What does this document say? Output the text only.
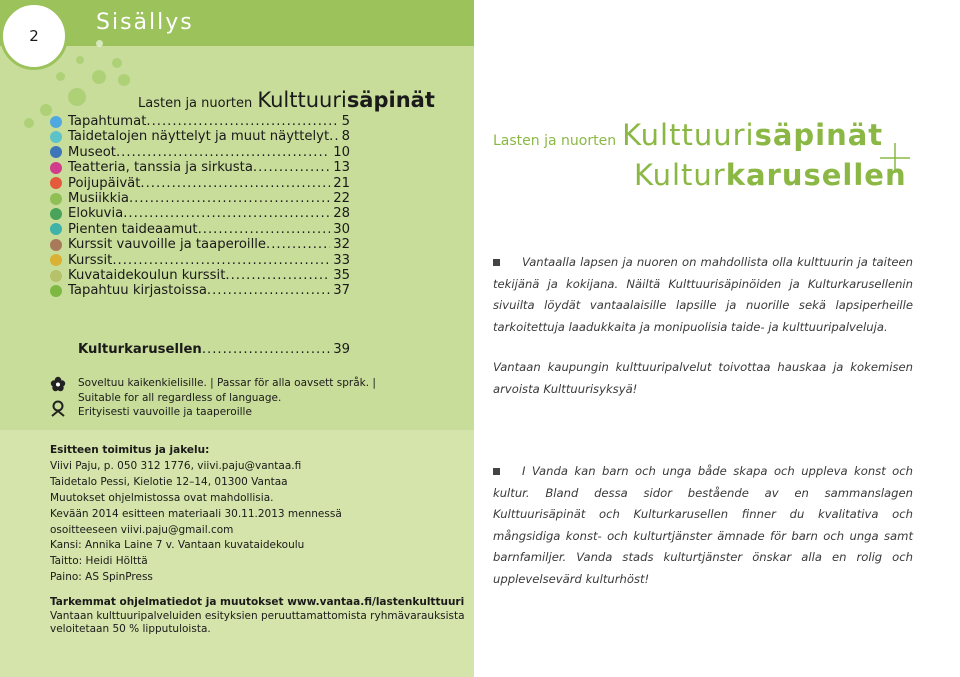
Sisällys
2
Lasten ja nuorten Kulttuurisäpinät
Tapahtumat .....	5
Taidetalojen näyttelyt ja muut näyttelyt ..... 8
Museot .....	10
Teatteria, tanssia ja sirkusta .....	13
Poijupäivät .....	21
Musiikkia .....	22
Elokuvia .....	28
Pienten taideaamut .....	30
Kurssit vauvoille ja taaperoille .....	32
Kurssit .....	33
Kuvataidekoulun kurssit .....	35
Tapahtuu kirjastoissa .....	37
Kulturkarusellen .....	39
Soveltuu kaikenkielisille. | Passar för alla oavsett språk. |
Suitable for all regardless of language.
Erityisesti vauvoille ja taaperoille
Esitteen toimitus ja jakelu:
Viivi Paju, p. 050 312 1776, viivi.paju@vantaa.fi
Taidetalo Pessi, Kielotie 12–14, 01300 Vantaa
Muutokset ohjelmistossa ovat mahdollisia.
Kevään 2014 esitteen materiaali 30.11.2013 mennessä
osoitteeseen viivi.paju@gmail.com
Kansi: Annika Laine 7 v. Vantaan kuvataidekoulu
Taitto: Heidi Hölttä
Paino: AS SpinPress
Tarkemmat ohjelmatiedot ja muutokset www.vantaa.fi/lastenkulttuuri
Vantaan kulttuuripalveluiden esityksien peruuttamattomista ryhmävarauksista veloitetaan 50 % lipputuloista.
Lasten ja nuorten Kulttuurisäpinät
Kulturkarusellen
Vantaalla lapsen ja nuoren on mahdollista olla kulttuurin ja taiteen tekijänä ja kokijana. Näiltä Kulttuurisäpinöiden ja Kulturkarusellenin sivuilta löydät vantaalaisille lapsille ja nuorille sekä lapsiperheille tarkoitettuja laadukkaita ja monipuolisia taide- ja kulttuuripalveluja.
Vantaan kaupungin kulttuuripalvelut toivottaa hauskaa ja kokemisen arvoista Kulttuurisyksyä!
I Vanda kan barn och unga både skapa och uppleva konst och kultur. Bland dessa sidor bestående av en sammanslagen Kulttuurisäpinät och Kulturkarusellen finner du kvalitativa och mångsidiga konst- och kulturtjänster ämnade för barn och unga samt barnfamiljer. Vanda stads kulturtjänster önskar alla en rolig och upplevelsevärd kulturhöst!
